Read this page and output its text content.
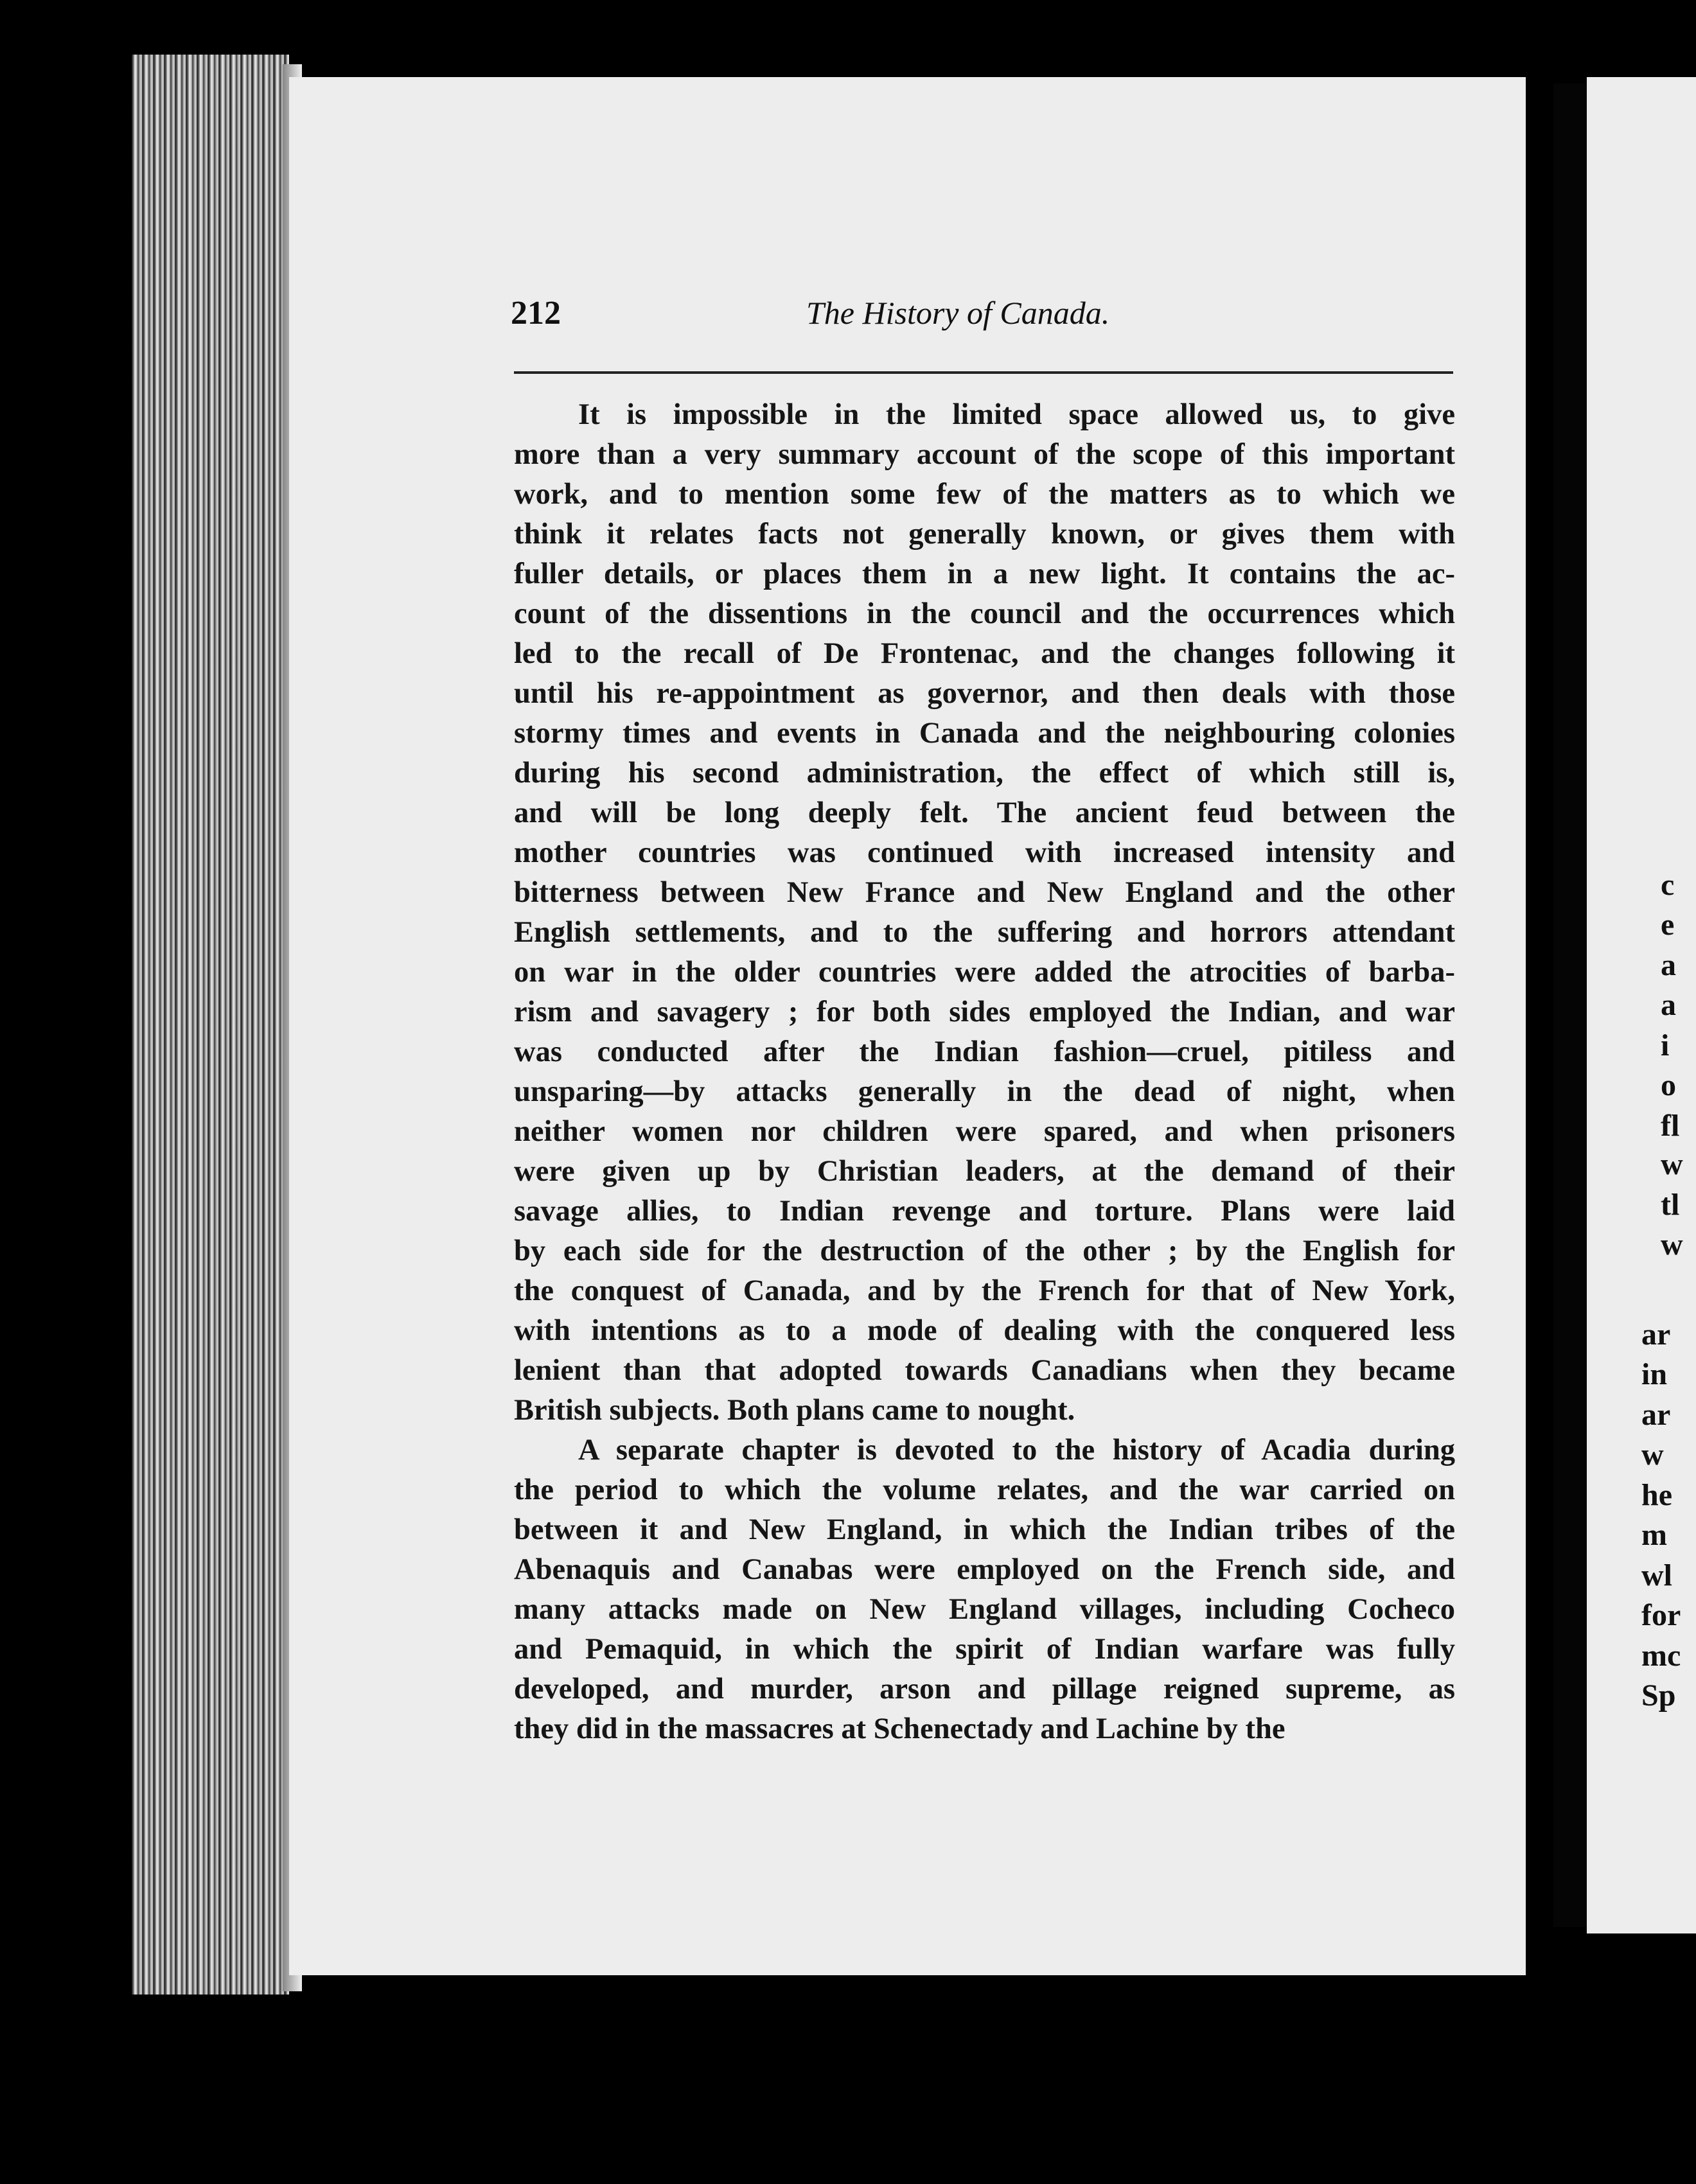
c
e
a
a
i
o
fl
w
tl
w
ar
in
ar
w
he
m
wl
for
mc
Sp
212	The History of Canada.
It is impossible in the limited space allowed us, to give
more than a very summary account of the scope of this important
work, and to mention some few of the matters as to which we
think it relates facts not generally known, or gives them with
fuller details, or places them in a new light. It contains the ac-
count of the dissentions in the council and the occurrences which
led to the recall of De Frontenac, and the changes following it
until his re-appointment as governor, and then deals with those
stormy times and events in Canada and the neighbouring colonies
during his second administration, the effect of which still is,
and will be long deeply felt. The ancient feud between the
mother countries was continued with increased intensity and
bitterness between New France and New England and the other
English settlements, and to the suffering and horrors attendant
on war in the older countries were added the atrocities of barba-
rism and savagery ; for both sides employed the Indian, and war
was conducted after the Indian fashion—cruel, pitiless and
unsparing—by attacks generally in the dead of night, when
neither women nor children were spared, and when prisoners
were given up by Christian leaders, at the demand of their
savage allies, to Indian revenge and torture. Plans were laid
by each side for the destruction of the other ; by the English for
the conquest of Canada, and by the French for that of New York,
with intentions as to a mode of dealing with the conquered less
lenient than that adopted towards Canadians when they became
British subjects. Both plans came to nought.
A separate chapter is devoted to the history of Acadia during
the period to which the volume relates, and the war carried on
between it and New England, in which the Indian tribes of the
Abenaquis and Canabas were employed on the French side, and
many attacks made on New England villages, including Cocheco
and Pemaquid, in which the spirit of Indian warfare was fully
developed, and murder, arson and pillage reigned supreme, as
they did in the massacres at Schenectady and Lachine by the
